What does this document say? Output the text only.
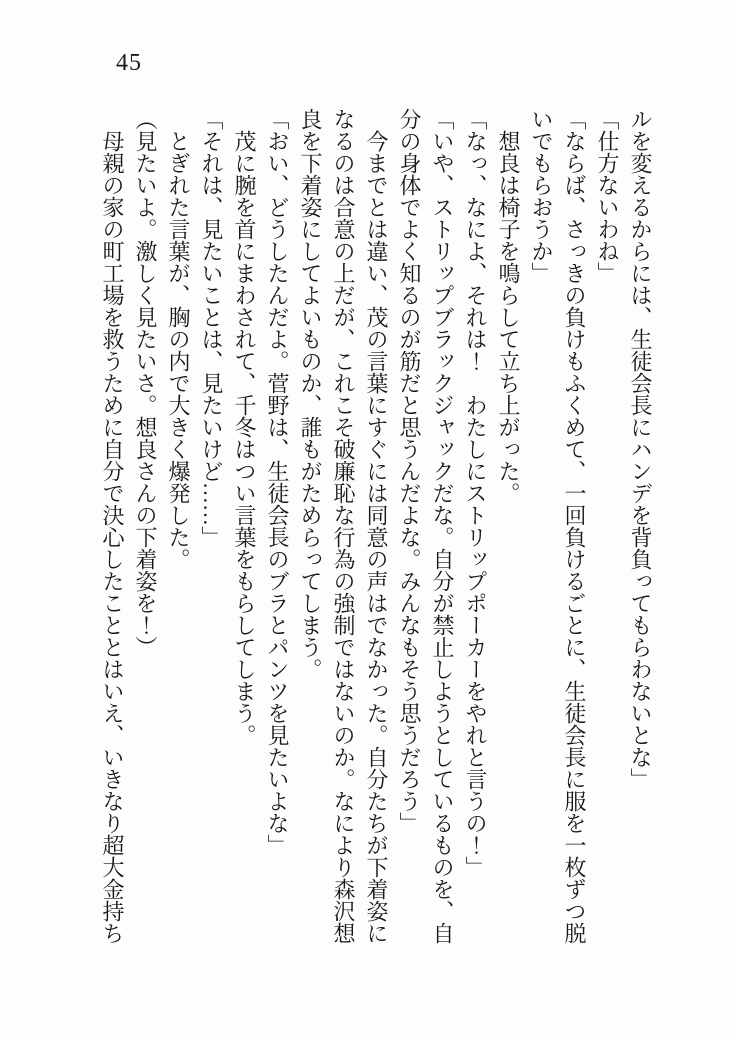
45

ルを変えるからには、生徒会長にハンデを背負ってもらわないとな」

「仕方ないわね」

「ならば、さっきの負けもふくめて、一回負けるごとに、生徒会長に服を一枚ずつ脱

いでもらおうか」

　想良は椅子を鳴らして立ち上がった。

「なっ、なによ、それは！　わたしにストリップポーカーをやれと言うの！」

「いや、ストリップブラックジャックだな。自分が禁止しようとしているものを、自

分の身体でよく知るのが筋だと思うんだよな。みんなもそう思うだろう」

　今までとは違い、茂の言葉にすぐには同意の声はでなかった。自分たちが下着姿に

なるのは合意の上だが、これこそ破廉恥な行為の強制ではないのか。なにより森沢想

良を下着姿にしてよいものか、誰もがためらってしまう。

「おい、どうしたんだよ。菅野は、生徒会長のブラとパンツを見たいよな」

　茂に腕を首にまわされて、千冬はつい言葉をもらしてしまう。

「それは、見たいことは、見たいけど……」

　とぎれた言葉が、胸の内で大きく爆発した。

（見たいよ。激しく見たいさ。想良さんの下着姿を！）

　母親の家の町工場を救うために自分で決心したこととはいえ、いきなり超大金持ち
